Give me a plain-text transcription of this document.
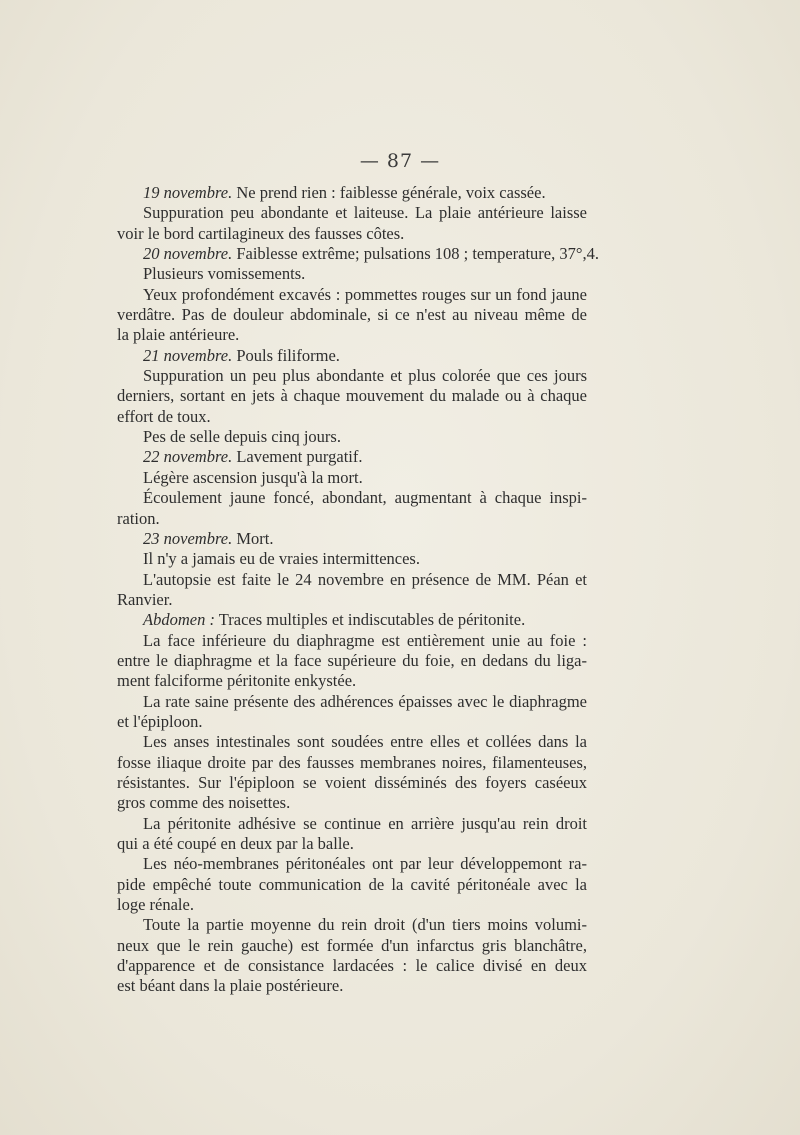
— 87 —
19 novembre. Ne prend rien : faiblesse générale, voix cassée.
Suppuration peu abondante et laiteuse. La plaie antérieure laisse
voir le bord cartilagineux des fausses côtes.
20 novembre. Faiblesse extrême; pulsations 108 ; temperature, 37°,4.
Plusieurs vomissements.
Yeux profondément excavés : pommettes rouges sur un fond jaune
verdâtre. Pas de douleur abdominale, si ce n'est au niveau même de
la plaie antérieure.
21 novembre. Pouls filiforme.
Suppuration un peu plus abondante et plus colorée que ces jours
derniers, sortant en jets à chaque mouvement du malade ou à chaque
effort de toux.
Pes de selle depuis cinq jours.
22 novembre. Lavement purgatif.
Légère ascension jusqu'à la mort.
Écoulement jaune foncé, abondant, augmentant à chaque inspi-
ration.
23 novembre. Mort.
Il n'y a jamais eu de vraies intermittences.
L'autopsie est faite le 24 novembre en présence de MM. Péan et
Ranvier.
Abdomen : Traces multiples et indiscutables de péritonite.
La face inférieure du diaphragme est entièrement unie au foie :
entre le diaphragme et la face supérieure du foie, en dedans du liga-
ment falciforme péritonite enkystée.
La rate saine présente des adhérences épaisses avec le diaphragme
et l'épiploon.
Les anses intestinales sont soudées entre elles et collées dans la
fosse iliaque droite par des fausses membranes noires, filamenteuses,
résistantes. Sur l'épiploon se voient disséminés des foyers caséeux
gros comme des noisettes.
La péritonite adhésive se continue en arrière jusqu'au rein droit
qui a été coupé en deux par la balle.
Les néo-membranes péritonéales ont par leur développemont ra-
pide empêché toute communication de la cavité péritonéale avec la
loge rénale.
Toute la partie moyenne du rein droit (d'un tiers moins volumi-
neux que le rein gauche) est formée d'un infarctus gris blanchâtre,
d'apparence et de consistance lardacées : le calice divisé en deux
est béant dans la plaie postérieure.
